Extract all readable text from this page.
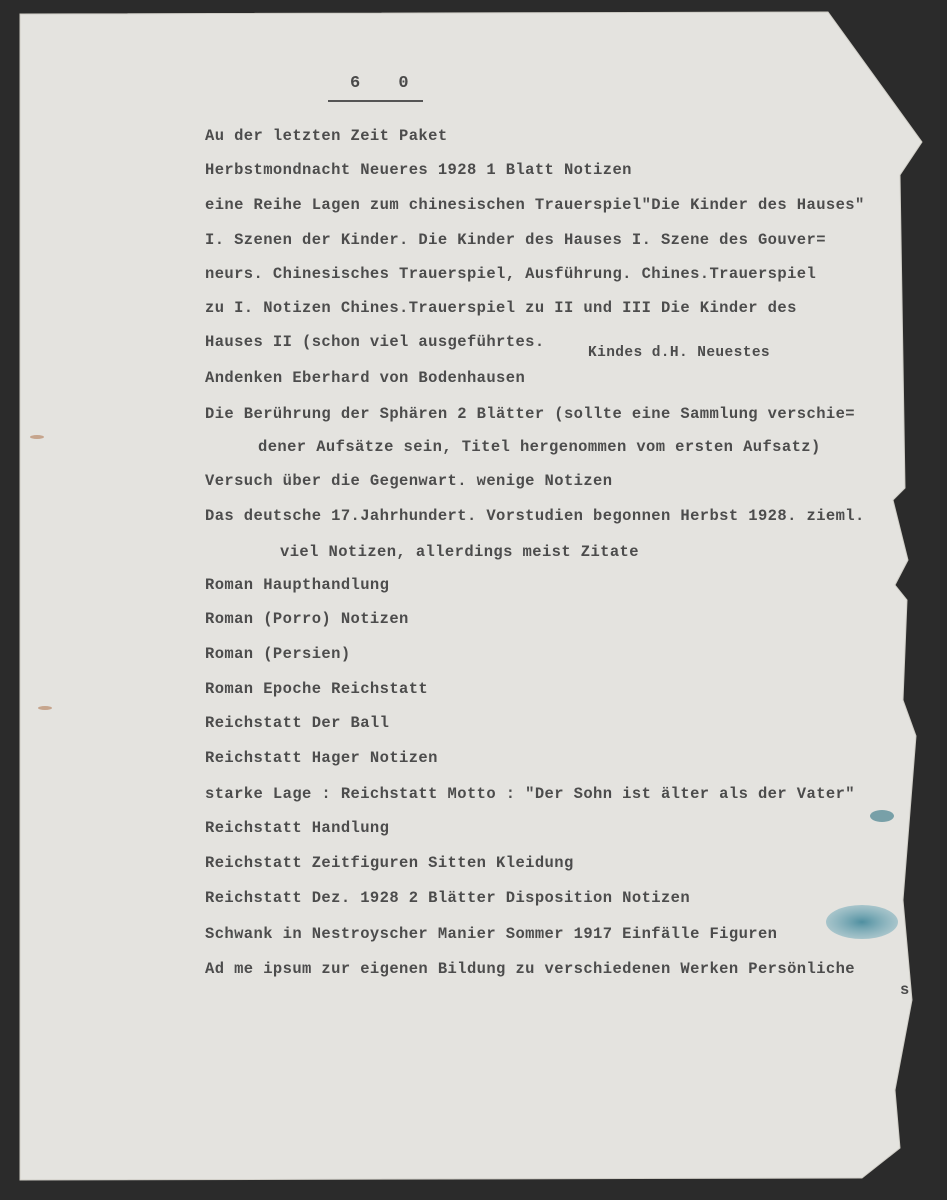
6 0
Au der letzten Zeit Paket
Herbstmondnacht Neueres 1928 1 Blatt Notizen
eine Reihe Lagen zum chinesischen Trauerspiel"Die Kinder des Hauses"
I. Szenen der Kinder. Die Kinder des Hauses I. Szene des Gouver=
neurs. Chinesisches Trauerspiel, Ausführung. Chines.Trauerspiel
zu I. Notizen Chines.Trauerspiel zu II und III Die Kinder des
Hauses II (schon viel ausgeführtes.
Kindes d.H. Neuestes
Andenken Eberhard von Bodenhausen
Die Berührung der Sphären 2 Blätter (sollte eine Sammlung verschie=
dener Aufsätze sein, Titel hergenommen vom ersten Aufsatz)
Versuch über die Gegenwart. wenige Notizen
Das deutsche 17.Jahrhundert. Vorstudien begonnen Herbst 1928. zieml.
viel Notizen, allerdings meist Zitate
Roman Haupthandlung
Roman (Porro) Notizen
Roman (Persien)
Roman Epoche Reichstatt
Reichstatt Der Ball
Reichstatt Hager Notizen
starke Lage : Reichstatt Motto : "Der Sohn ist älter als der Vater"
Reichstatt Handlung
Reichstatt Zeitfiguren Sitten Kleidung
Reichstatt Dez. 1928 2 Blätter Disposition Notizen
Schwank in Nestroyscher Manier Sommer 1917 Einfälle Figuren
Ad me ipsum zur eigenen Bildung zu verschiedenen Werken Persönliche
s
